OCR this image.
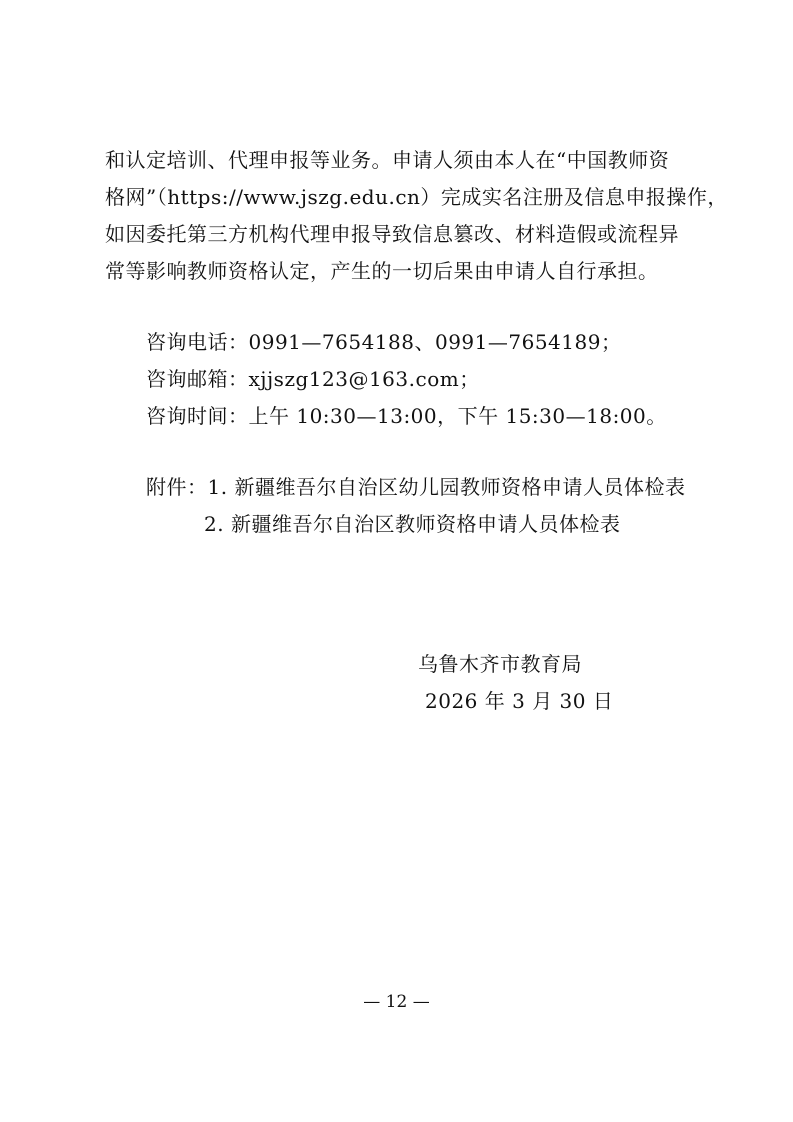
和认定培训、代理申报等业务。申请人须由本人在“中国教师资
格网”（https://www.jszg.edu.cn）完成实名注册及信息申报操作，
如因委托第三方机构代理申报导致信息篡改、材料造假或流程异
常等影响教师资格认定，产生的一切后果由申请人自行承担。
咨询电话：0991—7654188、0991—7654189；
咨询邮箱：xjjszg123@163.com；
咨询时间：上午 10:30—13:00，下午 15:30—18:00。
附件：1. 新疆维吾尔自治区幼儿园教师资格申请人员体检表
2. 新疆维吾尔自治区教师资格申请人员体检表
乌鲁木齐市教育局
2026 年 3 月 30 日
— 12 —
